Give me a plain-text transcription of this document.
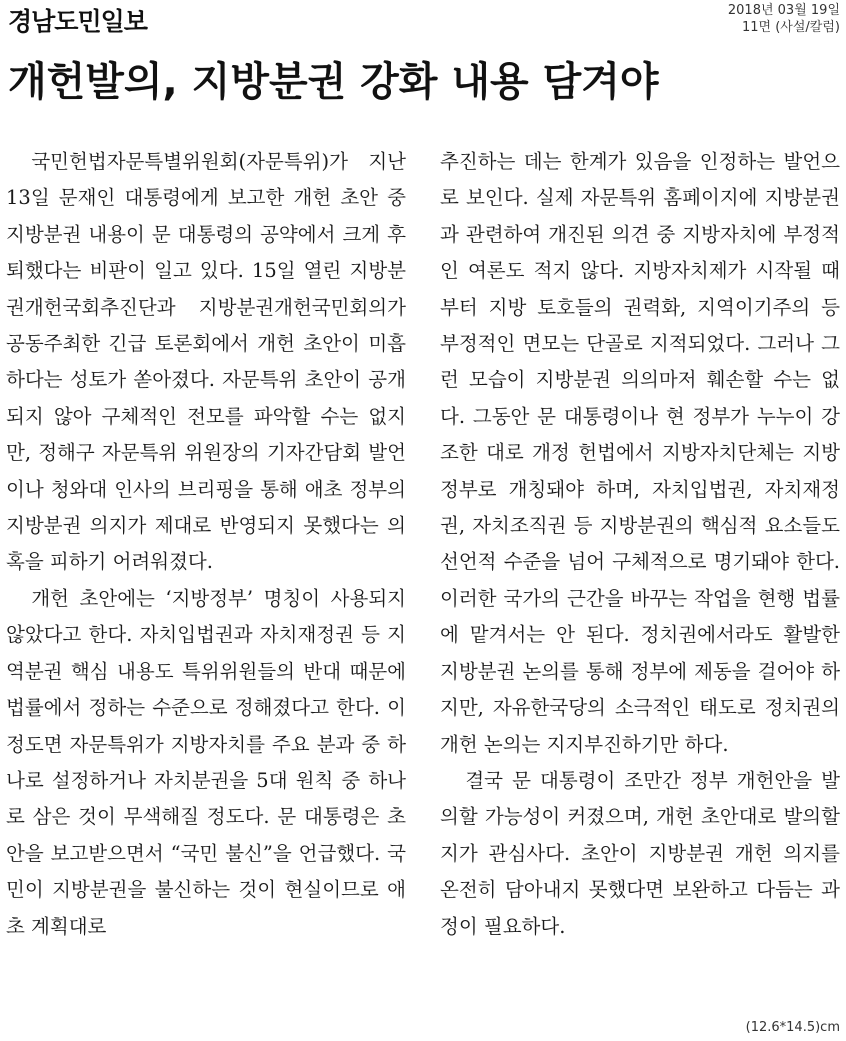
경남도민일보	2018년 03월 19일
11면 (사설/칼럼)
개헌발의, 지방분권 강화 내용 담겨야

국민헌법자문특별위원회(자문특위)가 지난 13일 문재인 대통령에게 보고한 개헌 초안 중 지방분권 내용이 문 대통령의 공약에서 크게 후퇴했다는 비판이 일고 있다. 15일 열린 지방분권개헌국회추진단과 지방분권개헌국민회의가 공동주최한 긴급 토론회에서 개헌 초안이 미흡하다는 성토가 쏟아졌다. 자문특위 초안이 공개되지 않아 구체적인 전모를 파악할 수는 없지만, 정해구 자문특위 위원장의 기자간담회 발언이나 청와대 인사의 브리핑을 통해 애초 정부의 지방분권 의지가 제대로 반영되지 못했다는 의혹을 피하기 어려워졌다.

개헌 초안에는 ‘지방정부’ 명칭이 사용되지 않았다고 한다. 자치입법권과 자치재정권 등 지역분권 핵심 내용도 특위위원들의 반대 때문에 법률에서 정하는 수준으로 정해졌다고 한다. 이 정도면 자문특위가 지방자치를 주요 분과 중 하나로 설정하거나 자치분권을 5대 원칙 중 하나로 삼은 것이 무색해질 정도다. 문 대통령은 초안을 보고받으면서 “국민 불신”을 언급했다. 국민이 지방분권을 불신하는 것이 현실이므로 애초 계획대로

추진하는 데는 한계가 있음을 인정하는 발언으로 보인다. 실제 자문특위 홈페이지에 지방분권과 관련하여 개진된 의견 중 지방자치에 부정적인 여론도 적지 않다. 지방자치제가 시작될 때부터 지방 토호들의 권력화, 지역이기주의 등 부정적인 면모는 단골로 지적되었다. 그러나 그런 모습이 지방분권 의의마저 훼손할 수는 없다. 그동안 문 대통령이나 현 정부가 누누이 강조한 대로 개정 헌법에서 지방자치단체는 지방정부로 개칭돼야 하며, 자치입법권, 자치재정권, 자치조직권 등 지방분권의 핵심적 요소들도 선언적 수준을 넘어 구체적으로 명기돼야 한다. 이러한 국가의 근간을 바꾸는 작업을 현행 법률에 맡겨서는 안 된다. 정치권에서라도 활발한 지방분권 논의를 통해 정부에 제동을 걸어야 하지만, 자유한국당의 소극적인 태도로 정치권의 개헌 논의는 지지부진하기만 하다.

결국 문 대통령이 조만간 정부 개헌안을 발의할 가능성이 커졌으며, 개헌 초안대로 발의할지가 관심사다. 초안이 지방분권 개헌 의지를 온전히 담아내지 못했다면 보완하고 다듬는 과정이 필요하다.

(12.6*14.5)cm
